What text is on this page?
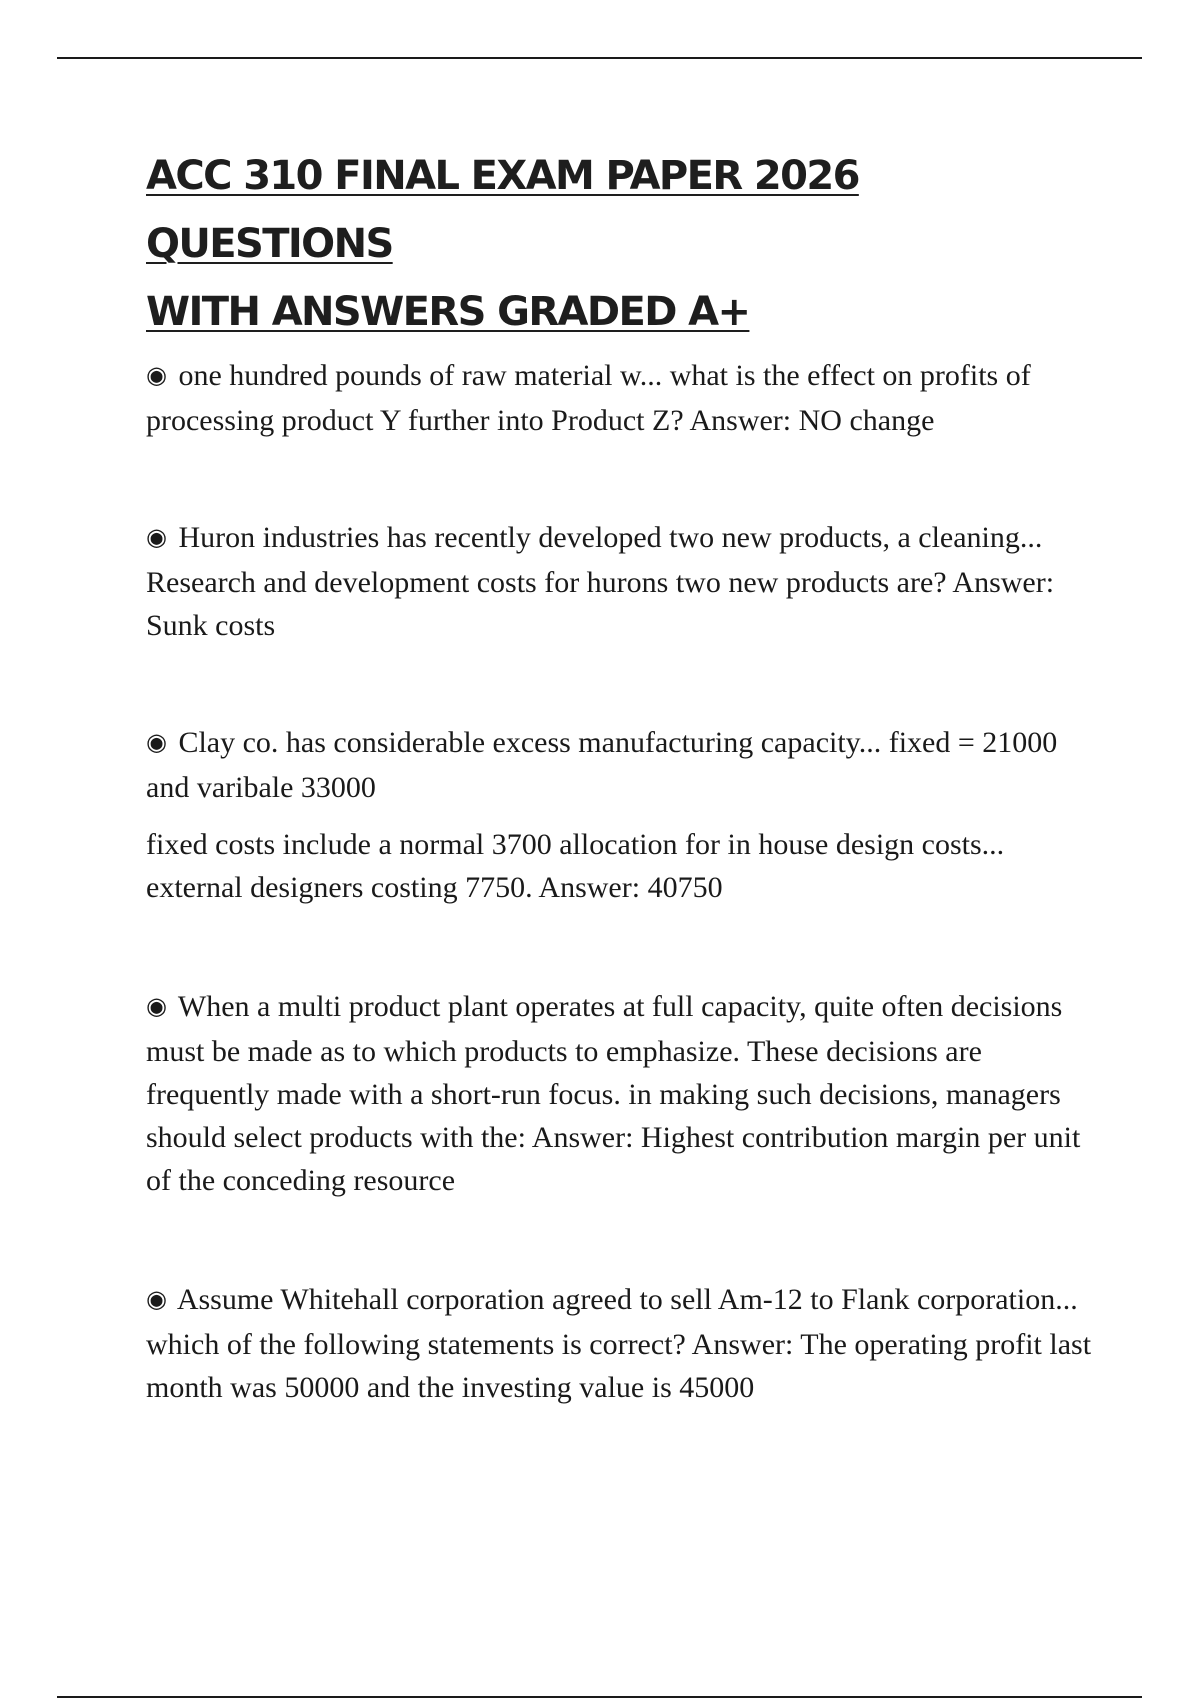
ACC 310 FINAL EXAM PAPER 2026 QUESTIONS
WITH ANSWERS GRADED A+

◉ one hundred pounds of raw material w... what is the effect on profits of processing product Y further into Product Z? Answer: NO change

◉ Huron industries has recently developed two new products, a cleaning... Research and development costs for hurons two new products are? Answer: Sunk costs

◉ Clay co. has considerable excess manufacturing capacity... fixed = 21000 and varibale 33000

fixed costs include a normal 3700 allocation for in house design costs... external designers costing 7750. Answer: 40750

◉ When a multi product plant operates at full capacity, quite often decisions must be made as to which products to emphasize. These decisions are frequently made with a short-run focus. in making such decisions, managers should select products with the: Answer: Highest contribution margin per unit of the conceding resource

◉ Assume Whitehall corporation agreed to sell Am-12 to Flank corporation... which of the following statements is correct? Answer: The operating profit last month was 50000 and the investing value is 45000
